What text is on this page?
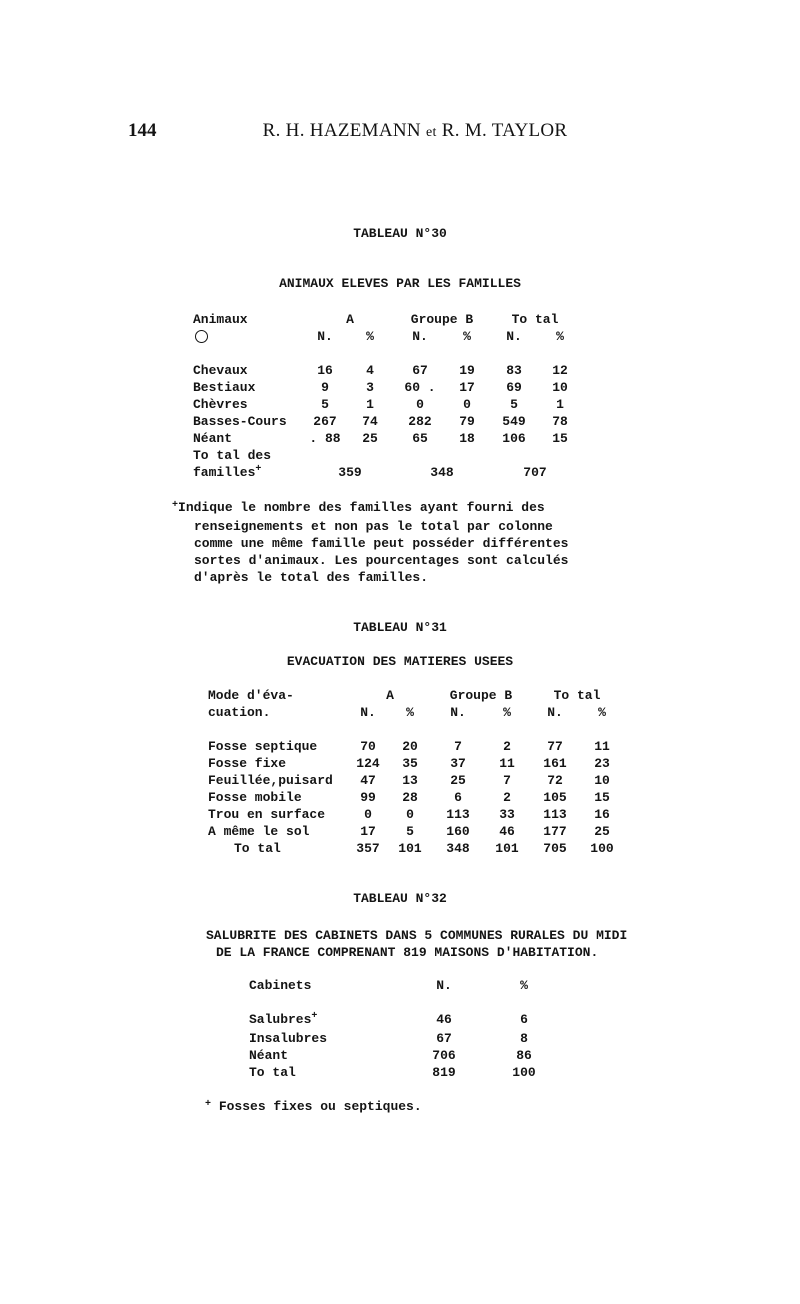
144	R. H. HAZEMANN et R. M. TAYLOR
TABLEAU N°30
ANIMAUX ELEVES PAR LES FAMILLES
Animaux	A		Groupe B		To tal	
	N.	%	N.	%	N.	%

Chevaux	16	4	67	19	83	12
Bestiaux	9	3	60 .	17	69	10
Chèvres	5	1	0	0	5	1
Basses-Cours	267	74	282	79	549	78
Néant	. 88	25	65	18	106	15
To tal des						
familles+	359		348		707	
+Indique le nombre des familles ayant fourni des
renseignements et non pas le total par colonne
comme une même famille peut posséder différentes
sortes d'animaux. Les pourcentages sont calculés
d'après le total des familles.
TABLEAU N°31
EVACUATION DES MATIERES USEES
Mode d'éva-	A		Groupe B		To tal	
cuation.	N.	%	N.	%	N.	%

Fosse septique	70	20	7	2	77	11
Fosse fixe	124	35	37	11	161	23
Feuillée,puisard	47	13	25	7	72	10
Fosse mobile	99	28	6	2	105	15
Trou en surface	0	0	113	33	113	16
A même le sol	17	5	160	46	177	25
To tal	357	101	348	101	705	100
TABLEAU N°32
SALUBRITE DES CABINETS DANS 5 COMMUNES RURALES DU MIDI
DE LA FRANCE COMPRENANT 819 MAISONS D'HABITATION.
Cabinets	N.	%

Salubres+	46	6
Insalubres	67	8
Néant	706	86
To tal	819	100
+ Fosses fixes ou septiques.
